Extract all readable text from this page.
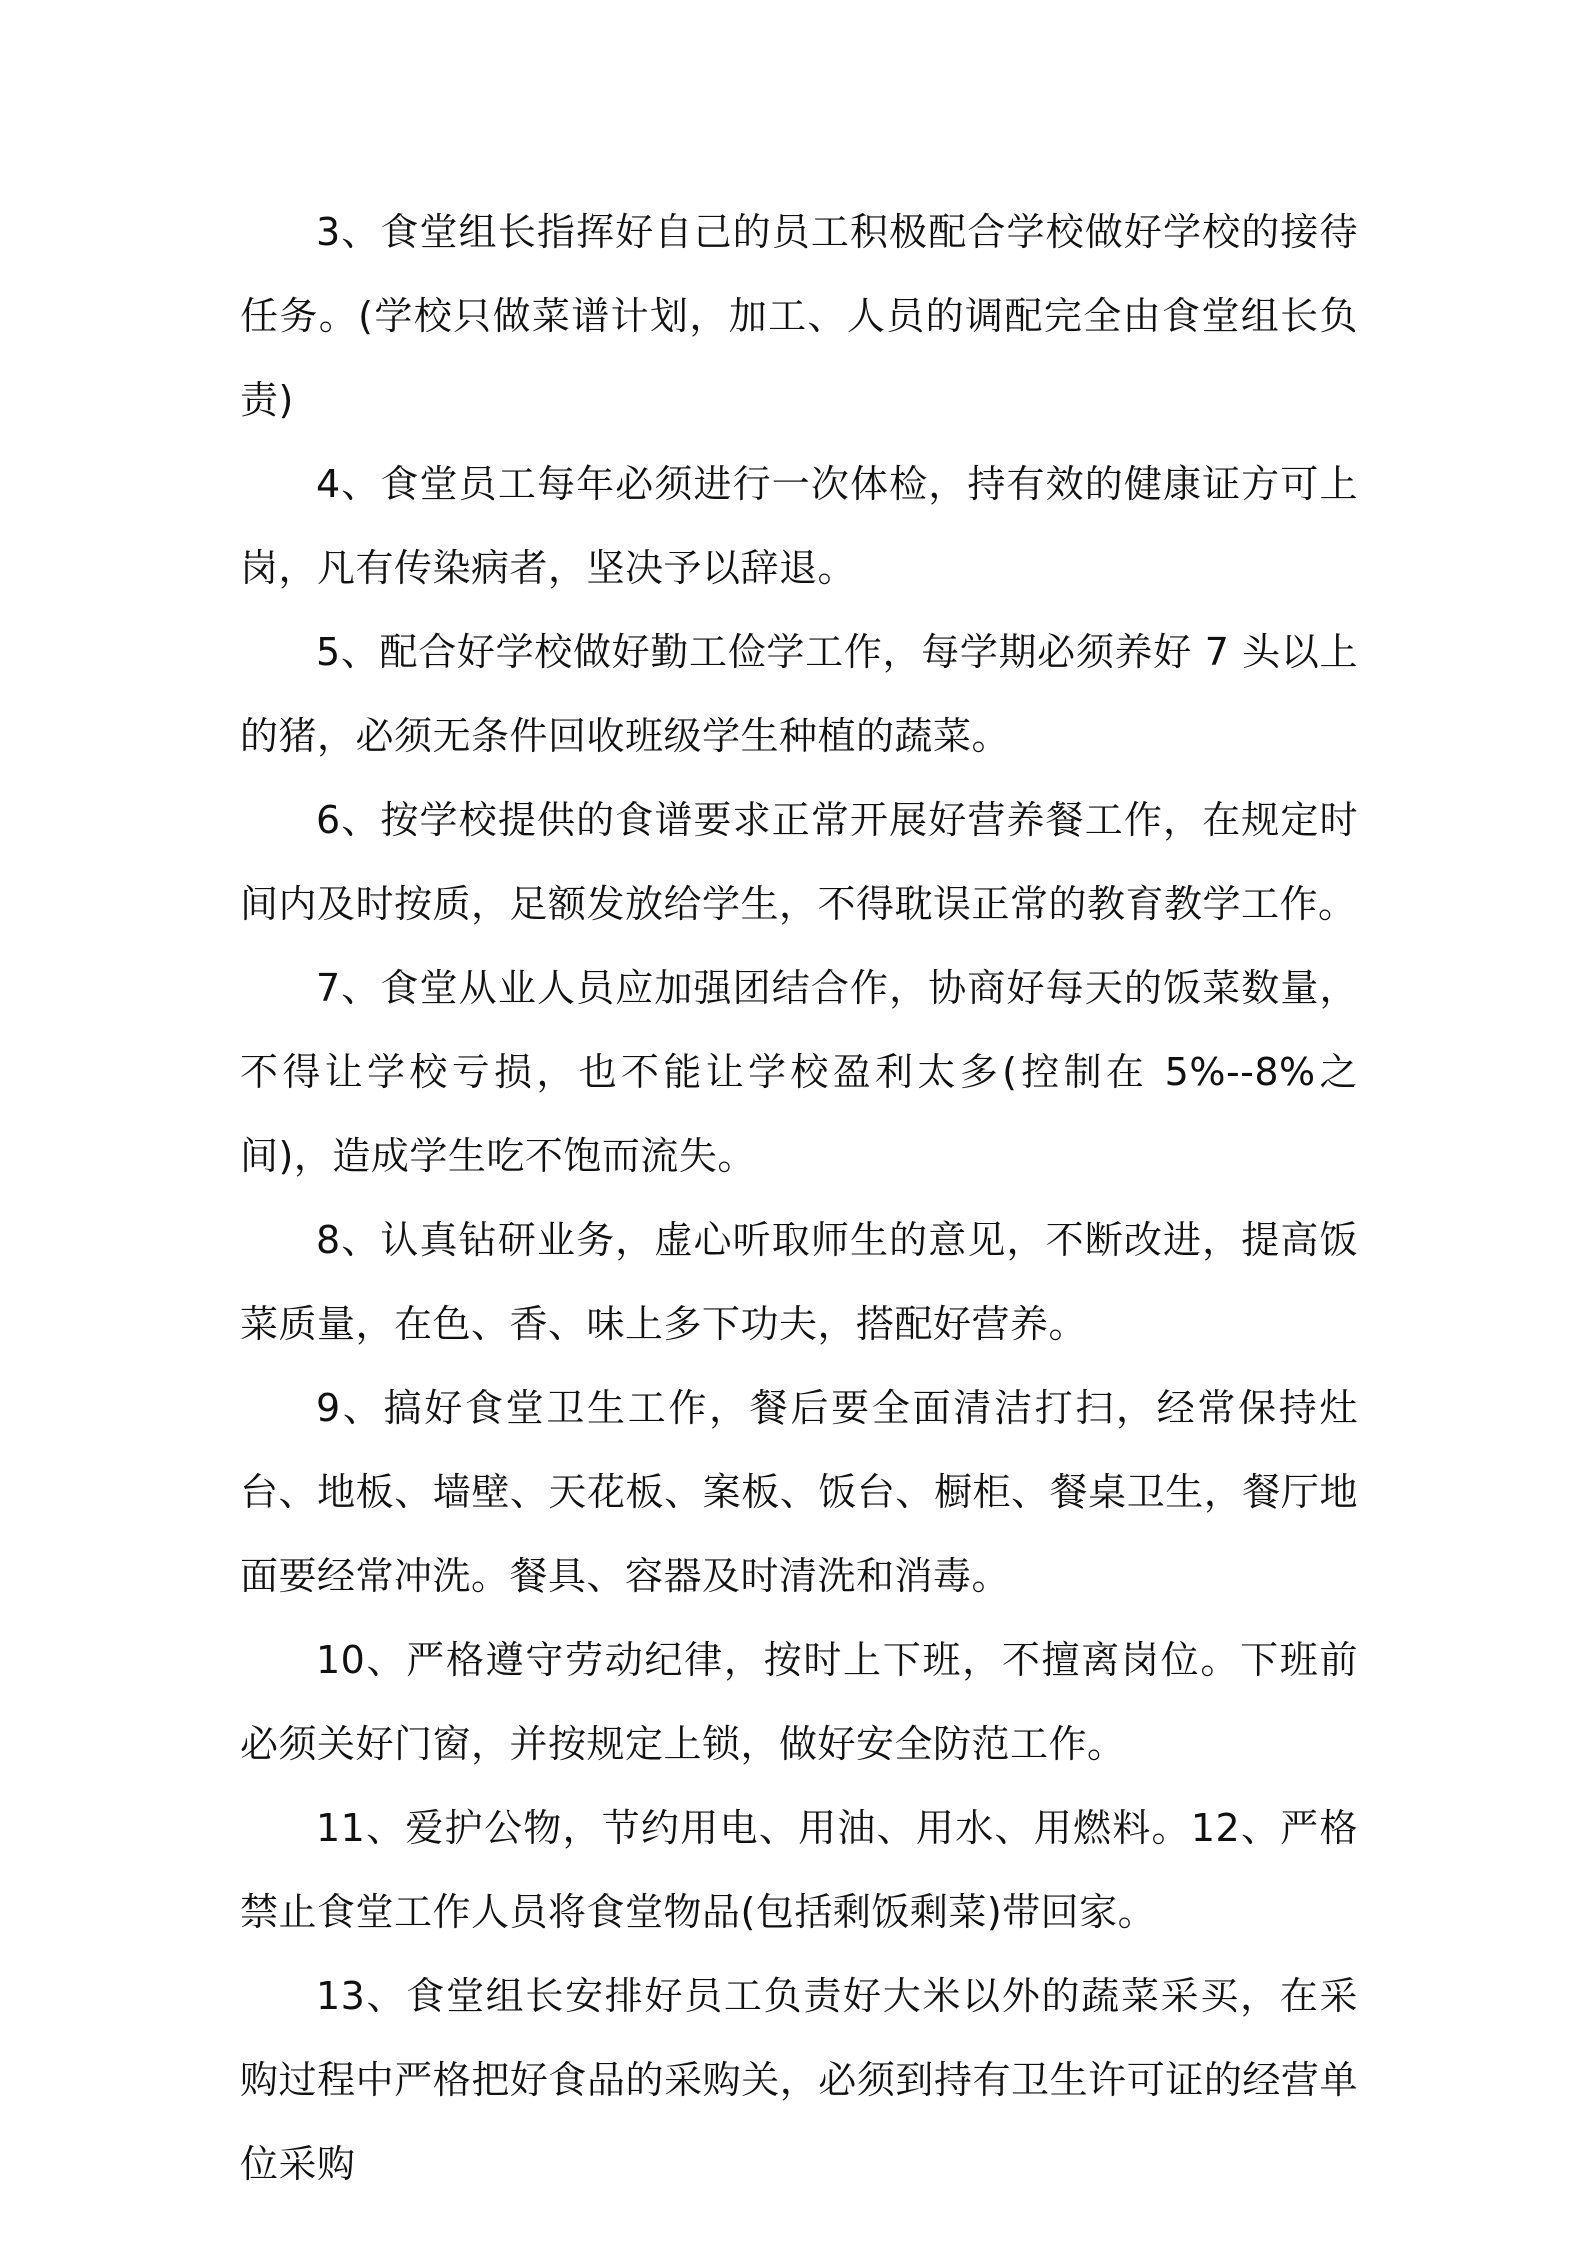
3、食堂组长指挥好自己的员工积极配合学校做好学校的接待任务。(学校只做菜谱计划，加工、人员的调配完全由食堂组长负责)

4、食堂员工每年必须进行一次体检，持有效的健康证方可上岗，凡有传染病者，坚决予以辞退。

5、配合好学校做好勤工俭学工作，每学期必须养好 7 头以上的猪，必须无条件回收班级学生种植的蔬菜。

6、按学校提供的食谱要求正常开展好营养餐工作，在规定时间内及时按质，足额发放给学生，不得耽误正常的教育教学工作。

7、食堂从业人员应加强团结合作，协商好每天的饭菜数量，不得让学校亏损，也不能让学校盈利太多(控制在 5%--8%之间)，造成学生吃不饱而流失。

8、认真钻研业务，虚心听取师生的意见，不断改进，提高饭菜质量，在色、香、味上多下功夫，搭配好营养。

9、搞好食堂卫生工作，餐后要全面清洁打扫，经常保持灶台、地板、墙壁、天花板、案板、饭台、橱柜、餐桌卫生，餐厅地面要经常冲洗。餐具、容器及时清洗和消毒。

10、严格遵守劳动纪律，按时上下班，不擅离岗位。下班前必须关好门窗，并按规定上锁，做好安全防范工作。

11、爱护公物，节约用电、用油、用水、用燃料。12、严格禁止食堂工作人员将食堂物品(包括剩饭剩菜)带回家。

13、食堂组长安排好员工负责好大米以外的蔬菜采买，在采购过程中严格把好食品的采购关，必须到持有卫生许可证的经营单位采购
